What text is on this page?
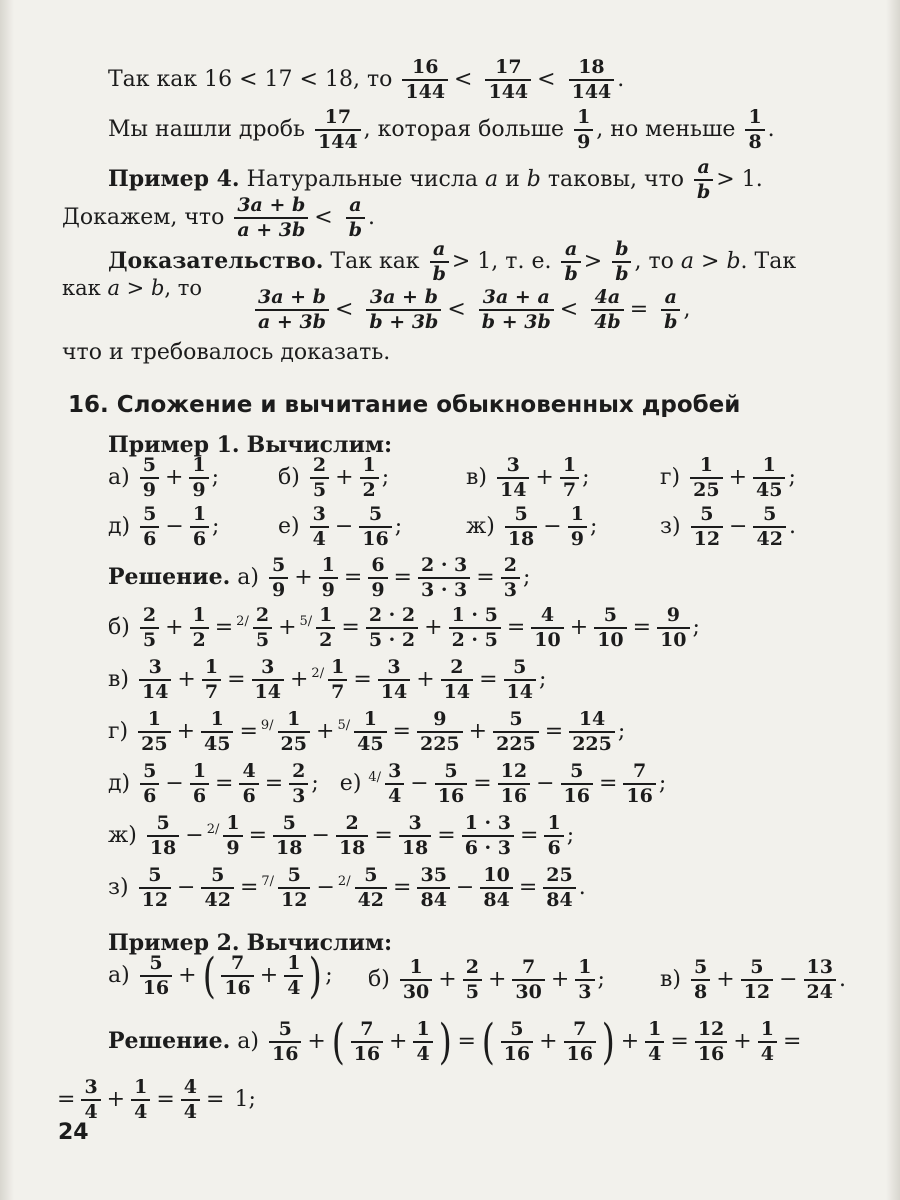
Так как 16 < 17 < 18, то $\frac{16}{144} < \frac{17}{144} < \frac{18}{144}$ .
Мы нашли дробь $\frac{17}{144}$ , которая больше $\frac{1}{9}$ , но меньше $\frac{1}{8}$ .
Пример 4. Натуральные числа a и b таковы, что $\frac{a}{b} > 1$.
Докажем, что $\frac{3a + b}{a + 3b} < \frac{a}{b}$ .
Доказательство. Так как $\frac{a}{b} > 1$, т. е. $\frac{a}{b} > \frac{b}{b}$ , то a > b. Так
как a > b, то	$\frac{3a + b}{a + 3b} < \frac{3a + b}{b + 3b} < \frac{3a + a}{b + 3b} < \frac{4a}{4b} = \frac{a}{b}$ ,
что и требовалось доказать.
16. Сложение и вычитание обыкновенных дробей
Пример 1. Вычислим:
$а) \frac{5}{9} + \frac{1}{9}$ ;	$б) \frac{2}{5} + \frac{1}{2}$ ;	$в) \frac{3}{14} + \frac{1}{7}$ ;	$г) \frac{1}{25} + \frac{1}{45}$ ;
$д) \frac{5}{6} - \frac{1}{6}$ ;	$е) \frac{3}{4} - \frac{5}{16}$ ;	$ж) \frac{5}{18} - \frac{1}{9}$ ;	$з) \frac{5}{12} - \frac{5}{42}$ .
Решение. $а) \frac{5}{9} + \frac{1}{9} = \frac{6}{9} = \frac{2 \cdot 3}{3 \cdot 3} = \frac{2}{3}$ ;
$б) \frac{2}{5} + \frac{1}{2} = ^{2/} \frac{2}{5} + ^{5/} \frac{1}{2} = \frac{2 \cdot 2}{5 \cdot 2} + \frac{1 \cdot 5}{2 \cdot 5} = \frac{4}{10} + \frac{5}{10} = \frac{9}{10}$ ;
$в) \frac{3}{14} + \frac{1}{7} = \frac{3}{14} + ^{2/} \frac{1}{7} = \frac{3}{14} + \frac{2}{14} = \frac{5}{14}$ ;
$г) \frac{1}{25} + \frac{1}{45} = ^{9/} \frac{1}{25} + ^{5/} \frac{1}{45} = \frac{9}{225} + \frac{5}{225} = \frac{14}{225}$ ;
$д) \frac{5}{6} - \frac{1}{6} = \frac{4}{6} = \frac{2}{3}$ ;   е) $^{4/} \frac{3}{4} - \frac{5}{16} = \frac{12}{16} - \frac{5}{16} = \frac{7}{16}$ ;
$ж) \frac{5}{18} - ^{2/} \frac{1}{9} = \frac{5}{18} - \frac{2}{18} = \frac{3}{18} = \frac{1 \cdot 3}{6 \cdot 3} = \frac{1}{6}$ ;
$з) \frac{5}{12} - \frac{5}{42} = ^{7/} \frac{5}{12} - ^{2/} \frac{5}{42} = \frac{35}{84} - \frac{10}{84} = \frac{25}{84}$ .
Пример 2. Вычислим:
$а) \frac{5}{16}$ + ( $\frac{7}{16} + \frac{1}{4}$ ) ; $б) \frac{1}{30} + \frac{2}{5} + \frac{7}{30} + \frac{1}{3}$ ;	$в) \frac{5}{8} + \frac{5}{12} - \frac{13}{24}$ .
Решение. $а) \frac{5}{16}$ + ( $\frac{7}{16} + \frac{1}{4}$ ) = ( $\frac{5}{16} + \frac{7}{16}$ ) + $\frac{1}{4} = \frac{12}{16} + \frac{1}{4}$ =
= $\frac{3}{4} + \frac{1}{4} = \frac{4}{4} = 1$;
24
